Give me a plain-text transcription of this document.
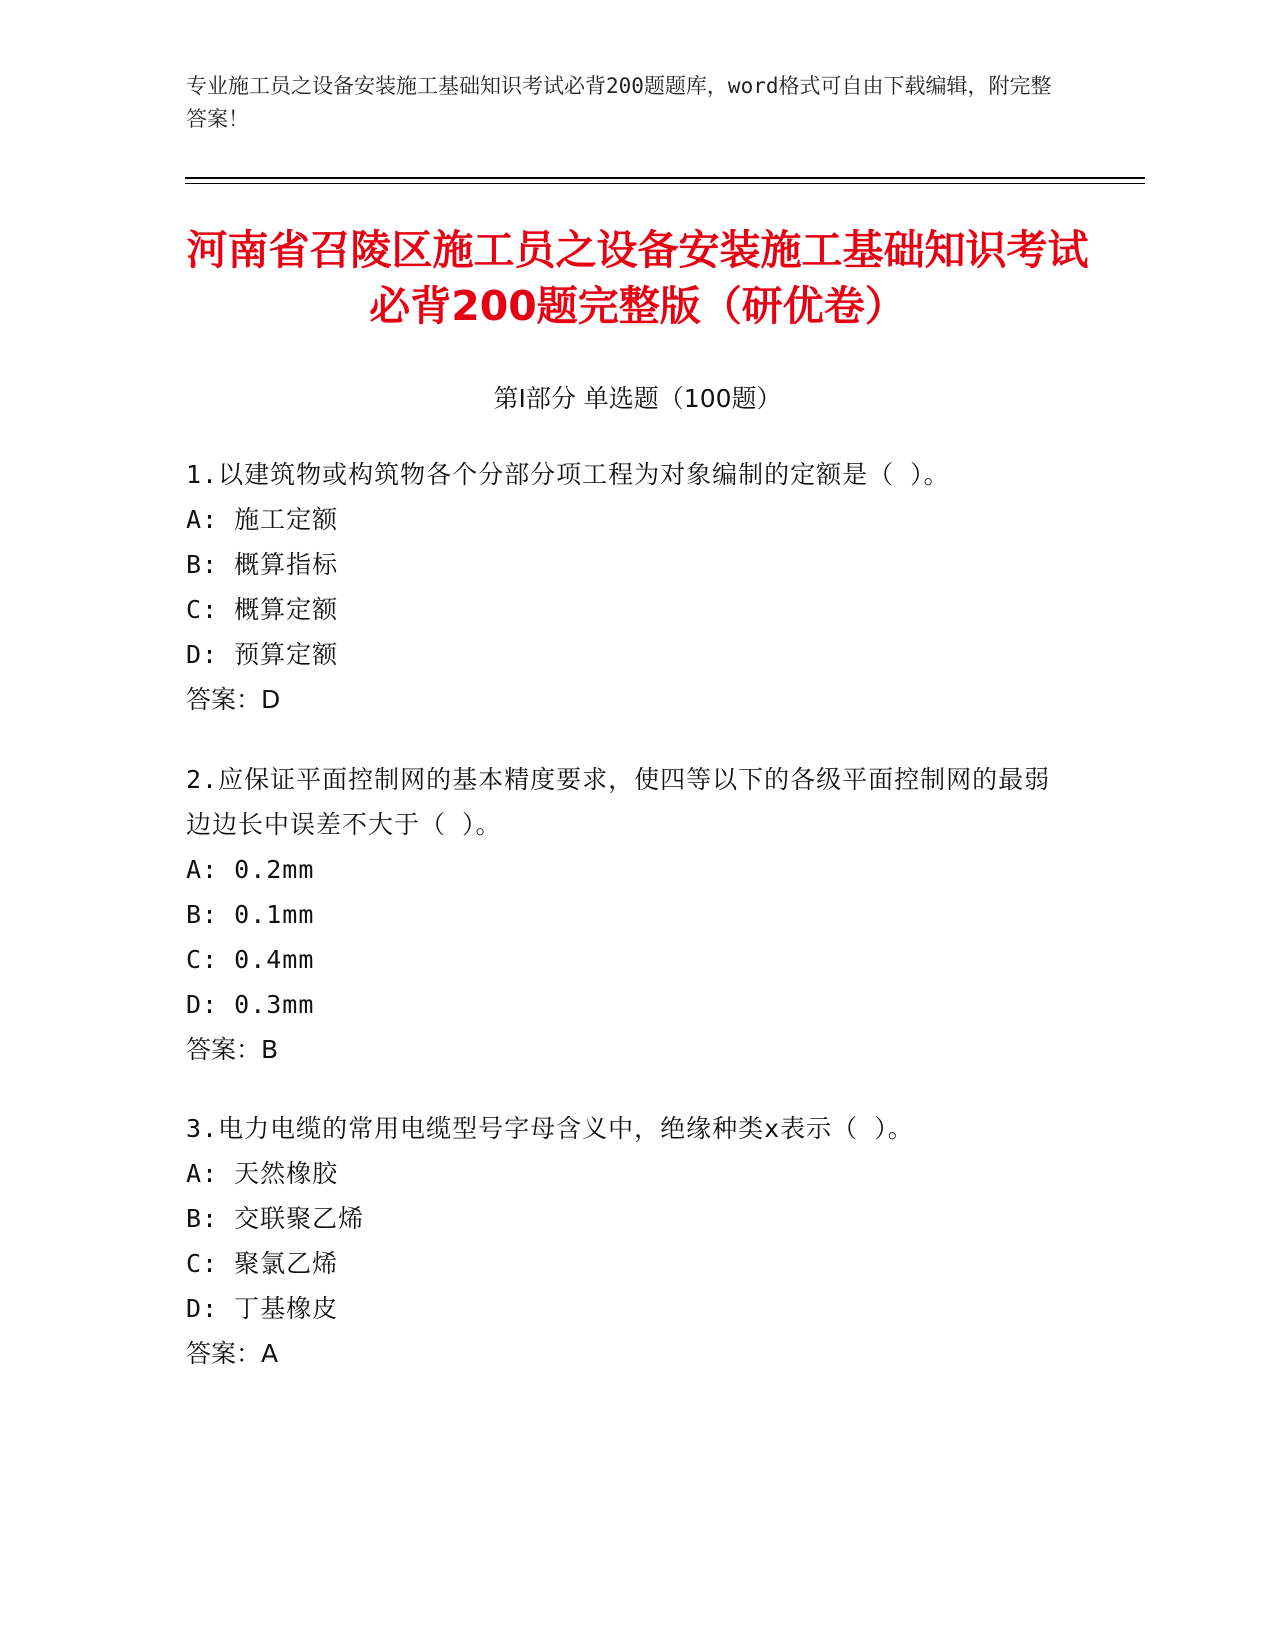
专业施工员之设备安装施工基础知识考试必背200题题库，word格式可自由下载编辑，附完整答案！
河南省召陵区施工员之设备安装施工基础知识考试必背200题完整版（研优卷）
第Ⅰ部分 单选题（100题）
1.以建筑物或构筑物各个分部分项工程为对象编制的定额是（ ）。
A: 施工定额
B: 概算指标
C: 概算定额
D: 预算定额
答案：D
2.应保证平面控制网的基本精度要求，使四等以下的各级平面控制网的最弱边边长中误差不大于（ ）。
A: 0.2mm
B: 0.1mm
C: 0.4mm
D: 0.3mm
答案：B
3.电力电缆的常用电缆型号字母含义中，绝缘种类x表示（ ）。
A: 天然橡胶
B: 交联聚乙烯
C: 聚氯乙烯
D: 丁基橡皮
答案：A
